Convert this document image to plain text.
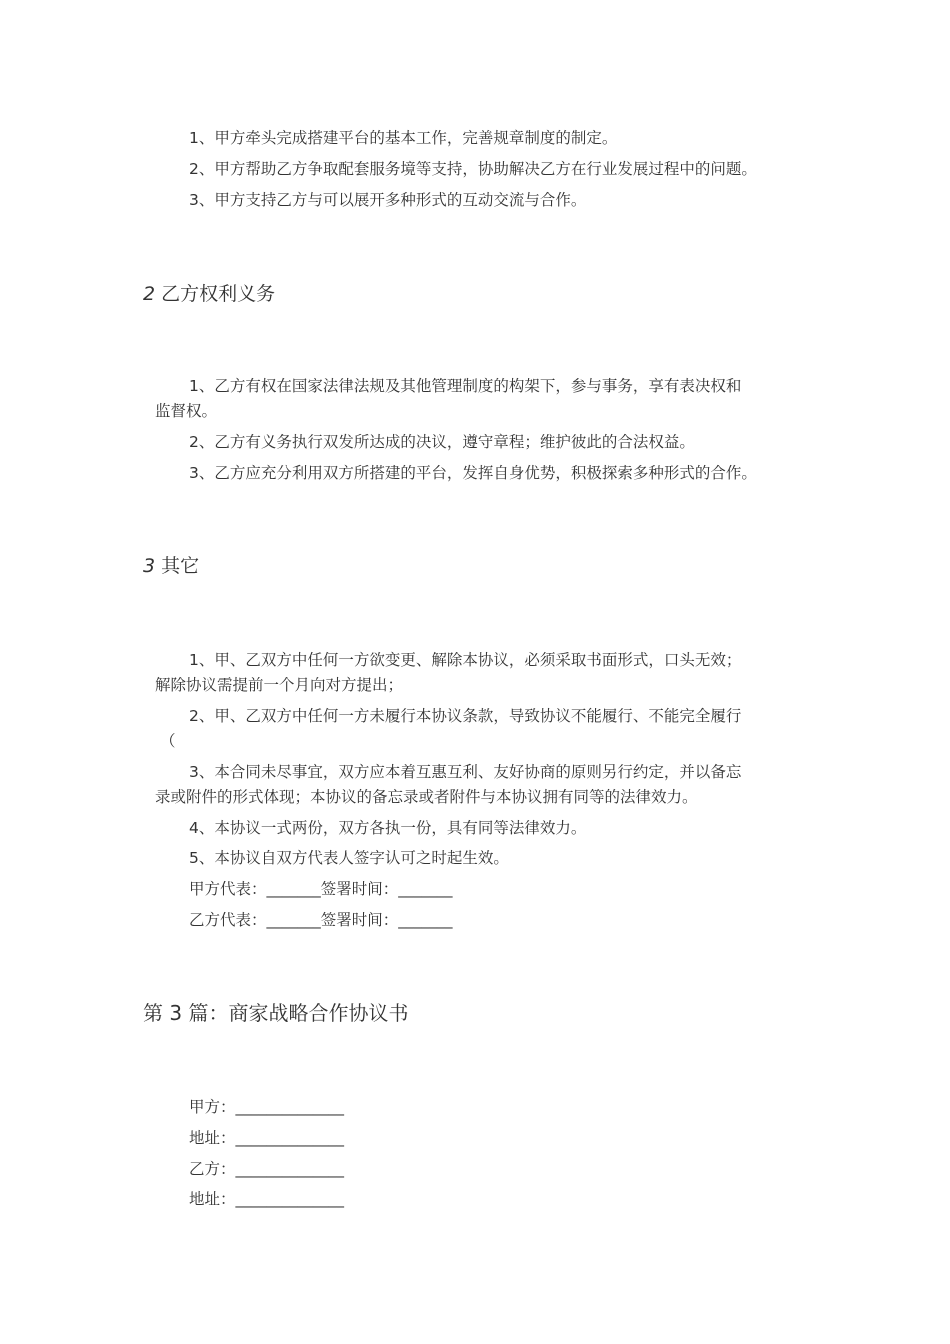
1、甲方牵头完成搭建平台的基本工作，完善规章制度的制定。
2、甲方帮助乙方争取配套服务境等支持，协助解决乙方在行业发展过程中的问题。
3、甲方支持乙方与可以展开多种形式的互动交流与合作。
2 乙方权利义务
1、乙方有权在国家法律法规及其他管理制度的构架下，参与事务，享有表决权和
监督权。
2、乙方有义务执行双发所达成的决议，遵守章程；维护彼此的合法权益。
3、乙方应充分利用双方所搭建的平台，发挥自身优势，积极探索多种形式的合作。
3 其它
1、甲、乙双方中任何一方欲变更、解除本协议，必须采取书面形式，口头无效；
解除协议需提前一个月向对方提出；
2、甲、乙双方中任何一方未履行本协议条款，导致协议不能履行、不能完全履行
（
3、本合同未尽事宜，双方应本着互惠互利、友好协商的原则另行约定，并以备忘
录或附件的形式体现；本协议的备忘录或者附件与本协议拥有同等的法律效力。
4、本协议一式两份，双方各执一份，具有同等法律效力。
5、本协议自双方代表人签字认可之时起生效。
甲方代表：_______签署时间：_______
乙方代表：_______签署时间：_______
第 3 篇：商家战略合作协议书
甲方：______________
地址：______________
乙方：______________
地址：______________
